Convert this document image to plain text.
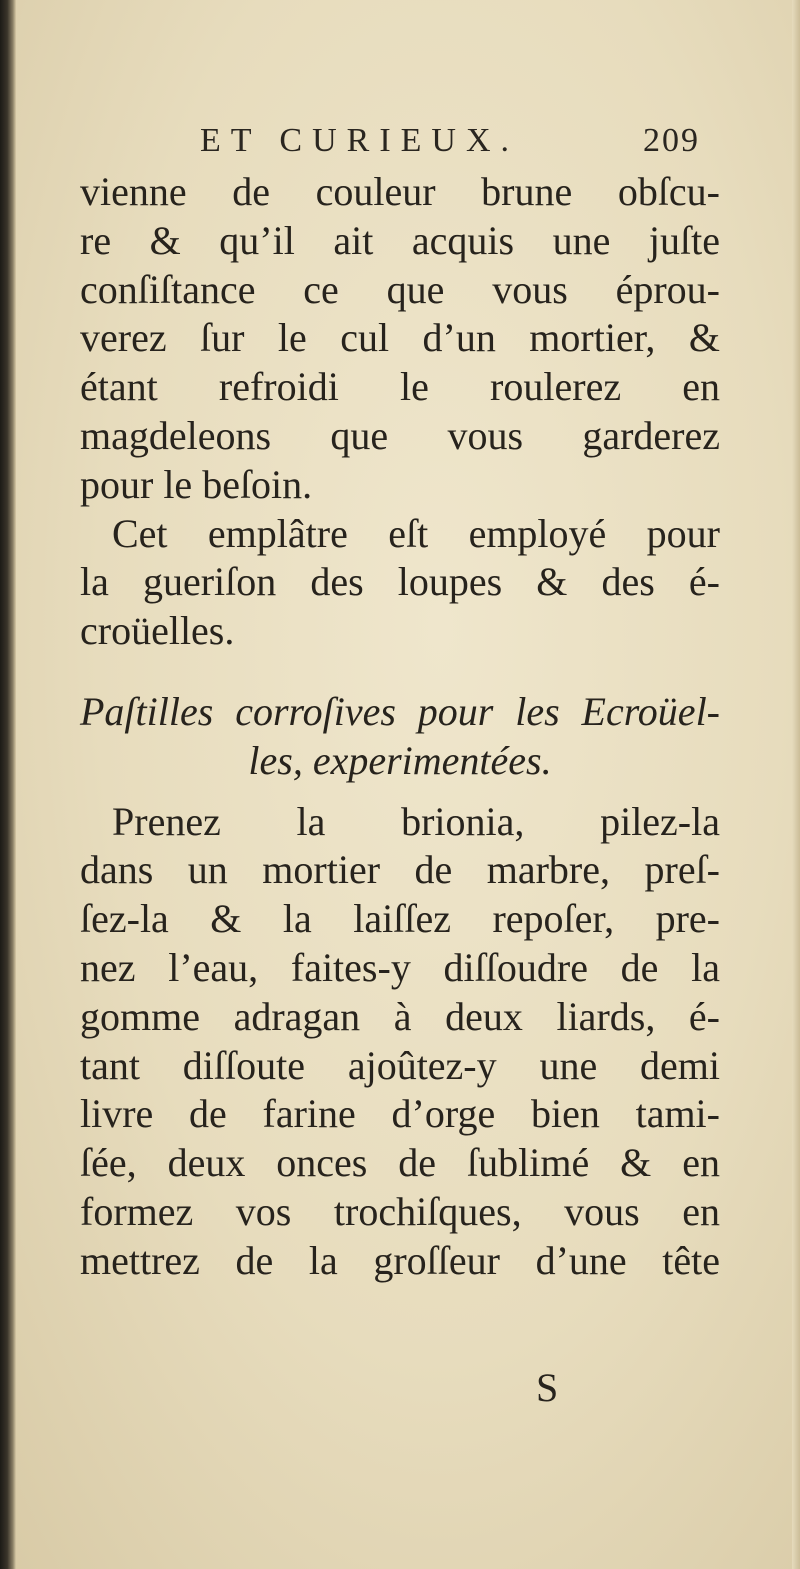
ET CURIEUX.	209
vienne de couleur brune obſcu-
re & qu’il ait acquis une juſte
conſiſtance ce que vous éprou-
verez ſur le cul d’un mortier, &
étant refroidi le roulerez en
magdeleons que vous garderez
pour le beſoin.
Cet emplâtre eſt employé pour
la gueriſon des loupes & des é-
croüelles.
Paſtilles corroſives pour les Ecroüel-
les, experimentées.
Prenez la brionia, pilez-la
dans un mortier de marbre, preſ-
ſez-la & la laiſſez repoſer, pre-
nez l’eau, faites-y diſſoudre de la
gomme adragan à deux liards, é-
tant diſſoute ajoûtez-y une demi
livre de farine d’orge bien tami-
ſée, deux onces de ſublimé & en
formez vos trochiſques, vous en
mettrez de la groſſeur d’une tête
S
